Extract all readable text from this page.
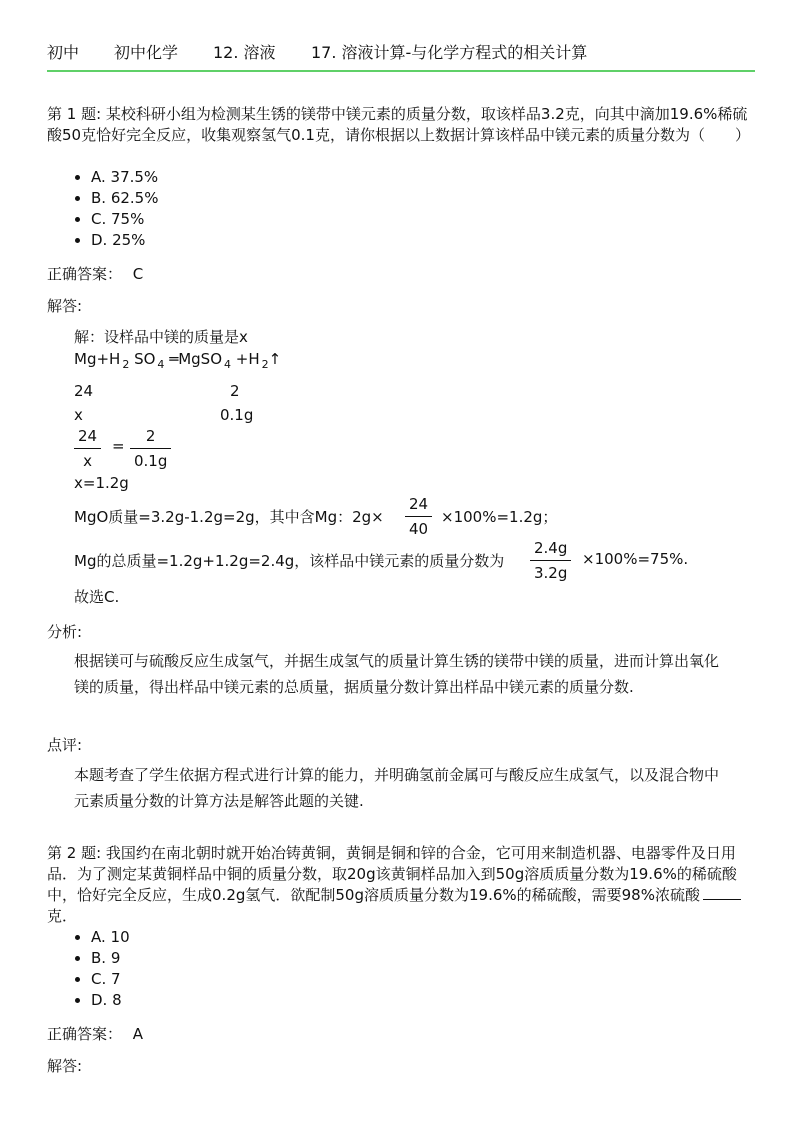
初中 初中化学 12. 溶液 17. 溶液计算-与化学方程式的相关计算
第 1 题: 某校科研小组为检测某生锈的镁带中镁元素的质量分数，取该样品3.2克，向其中滴加19.6%稀硫酸50克恰好完全反应，收集观察氢气0.1克，请你根据以上数据计算该样品中镁元素的质量分数为（　　）
A. 37.5%
B. 62.5%
C. 75%
D. 25%
正确答案： C
解答:
解：设样品中镁的质量是x
Mg+H $_2$ SO $_4$ ═MgSO $_4$ +H $_2$↑
24	2
x	0.1g
$\frac{24}{x} = \frac{2}{0.1g}$
x=1.2g
MgO质量=3.2g-1.2g=2g，其中含Mg：$2g\times \frac{24}{40} \times 100\%=1.2g$；
Mg的总质量=1.2g+1.2g=2.4g，该样品中镁元素的质量分数为 $\frac{2.4g}{3.2g} \times 100\%=75\%$.
故选C.
分析:
根据镁可与硫酸反应生成氢气，并据生成氢气的质量计算生锈的镁带中镁的质量，进而计算出氧化镁的质量，得出样品中镁元素的总质量，据质量分数计算出样品中镁元素的质量分数.
点评:
本题考查了学生依据方程式进行计算的能力，并明确氢前金属可与酸反应生成氢气，以及混合物中元素质量分数的计算方法是解答此题的关键.
第 2 题: 我国约在南北朝时就开始冶铸黄铜，黄铜是铜和锌的合金，它可用来制造机器、电器零件及日用品．为了测定某黄铜样品中铜的质量分数，取20g该黄铜样品加入到50g溶质质量分数为19.6%的稀硫酸中，恰好完全反应，生成0.2g氢气．欲配制50g溶质质量分数为19.6%的稀硫酸，需要98%浓硫酸克．
A. 10
B. 9
C. 7
D. 8
正确答案： A
解答:
